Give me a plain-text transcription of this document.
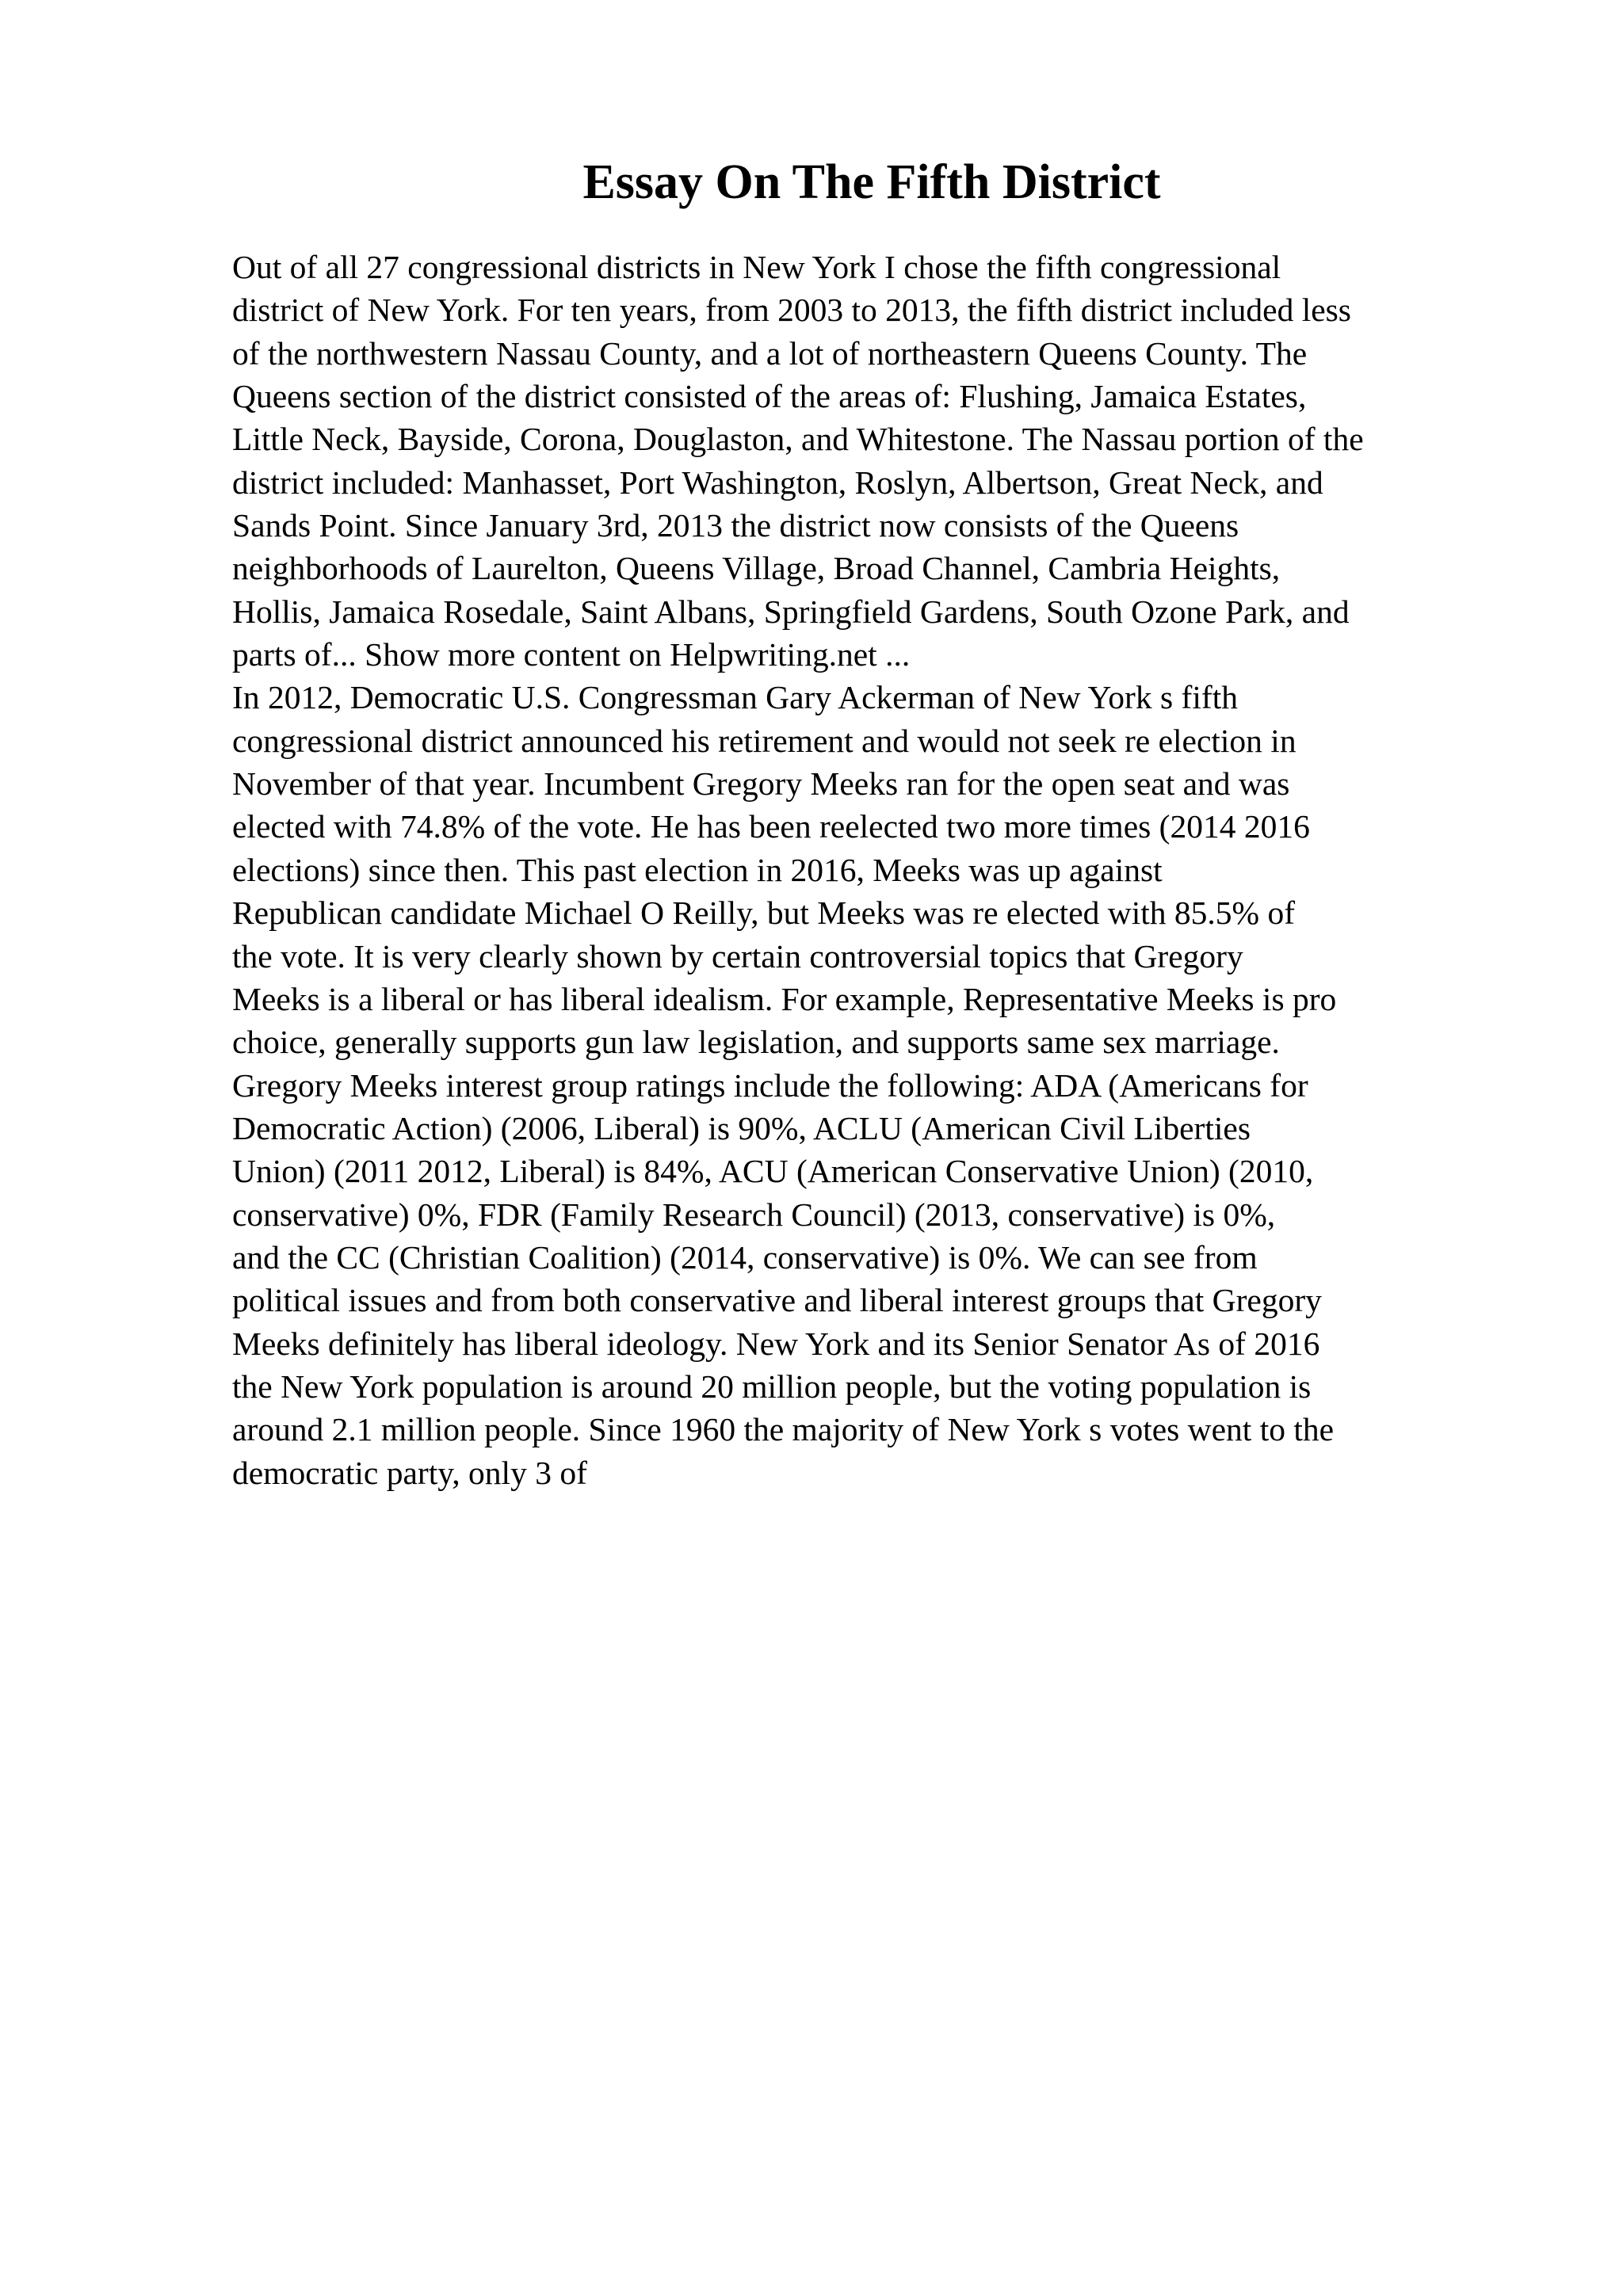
Essay On The Fifth District
Out of all 27 congressional districts in New York I chose the fifth congressional
district of New York. For ten years, from 2003 to 2013, the fifth district included less
of the northwestern Nassau County, and a lot of northeastern Queens County. The
Queens section of the district consisted of the areas of: Flushing, Jamaica Estates,
Little Neck, Bayside, Corona, Douglaston, and Whitestone. The Nassau portion of the
district included: Manhasset, Port Washington, Roslyn, Albertson, Great Neck, and
Sands Point. Since January 3rd, 2013 the district now consists of the Queens
neighborhoods of Laurelton, Queens Village, Broad Channel, Cambria Heights,
Hollis, Jamaica Rosedale, Saint Albans, Springfield Gardens, South Ozone Park, and
parts of... Show more content on Helpwriting.net ...
In 2012, Democratic U.S. Congressman Gary Ackerman of New York s fifth
congressional district announced his retirement and would not seek re election in
November of that year. Incumbent Gregory Meeks ran for the open seat and was
elected with 74.8% of the vote. He has been reelected two more times (2014 2016
elections) since then. This past election in 2016, Meeks was up against
Republican candidate Michael O Reilly, but Meeks was re elected with 85.5% of
the vote. It is very clearly shown by certain controversial topics that Gregory
Meeks is a liberal or has liberal idealism. For example, Representative Meeks is pro
choice, generally supports gun law legislation, and supports same sex marriage.
Gregory Meeks interest group ratings include the following: ADA (Americans for
Democratic Action) (2006, Liberal) is 90%, ACLU (American Civil Liberties
Union) (2011 2012, Liberal) is 84%, ACU (American Conservative Union) (2010,
conservative) 0%, FDR (Family Research Council) (2013, conservative) is 0%,
and the CC (Christian Coalition) (2014, conservative) is 0%. We can see from
political issues and from both conservative and liberal interest groups that Gregory
Meeks definitely has liberal ideology. New York and its Senior Senator As of 2016
the New York population is around 20 million people, but the voting population is
around 2.1 million people. Since 1960 the majority of New York s votes went to the
democratic party, only 3 of
